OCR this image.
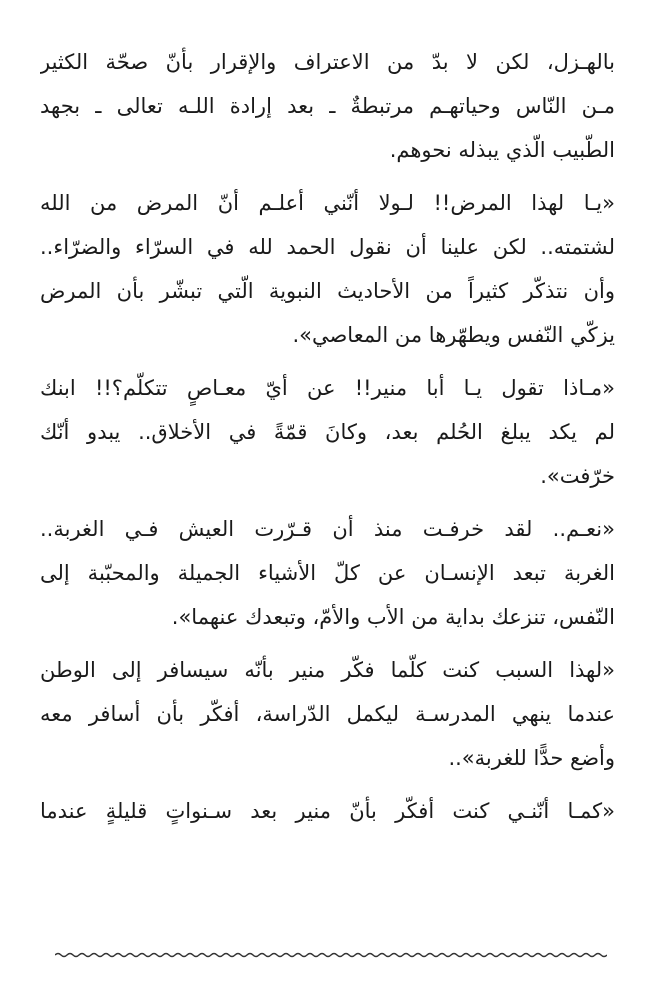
بالهـزل، لكن لا بدّ من الاعتراف والإقرار بأنّ صحّة الكثير
مـن النّاس وحياتهـم مرتبطةٌ ـ بعد إرادة اللـه تعالى ـ بجهد
الطّبيب الّذي يبذله نحوهم.
«يـا لهذا المرض!! لـولا أنّني أعلـم أنّ المرض من الله
لشتمته.. لكن علينا أن نقول الحمد لله في السرّاء والضرّاء..
وأن نتذكّر كثيراً من الأحاديث النبوية الّتي تبشّر بأن المرض
يزكّي النّفس ويطهّرها من المعاصي».
«مـاذا تقول يـا أبا منير!! عن أيّ معـاصٍ تتكلّم؟!! ابنك
لم يكد يبلغ الحُلم بعد، وكانَ قمّةً في الأخلاق.. يبدو أنّك
خرّفت».
«نعـم.. لقد خرفـت منذ أن قـرّرت العيش فـي الغربة..
الغربة تبعد الإنسـان عن كلّ الأشياء الجميلة والمحبّبة إلى
النّفس، تنزعك بداية من الأب والأمّ، وتبعدك عنهما».
«لهذا السبب كنت كلّما فكّر منير بأنّه سيسافر إلى الوطن
عندما ينهي المدرسـة ليكمل الدّراسة، أفكّر بأن أسافر معه
وأضع حدًّا للغربة»..
«كمـا أنّنـي كنت أفكّر بأنّ منير بعد سـنواتٍ قليلةٍ عندما
